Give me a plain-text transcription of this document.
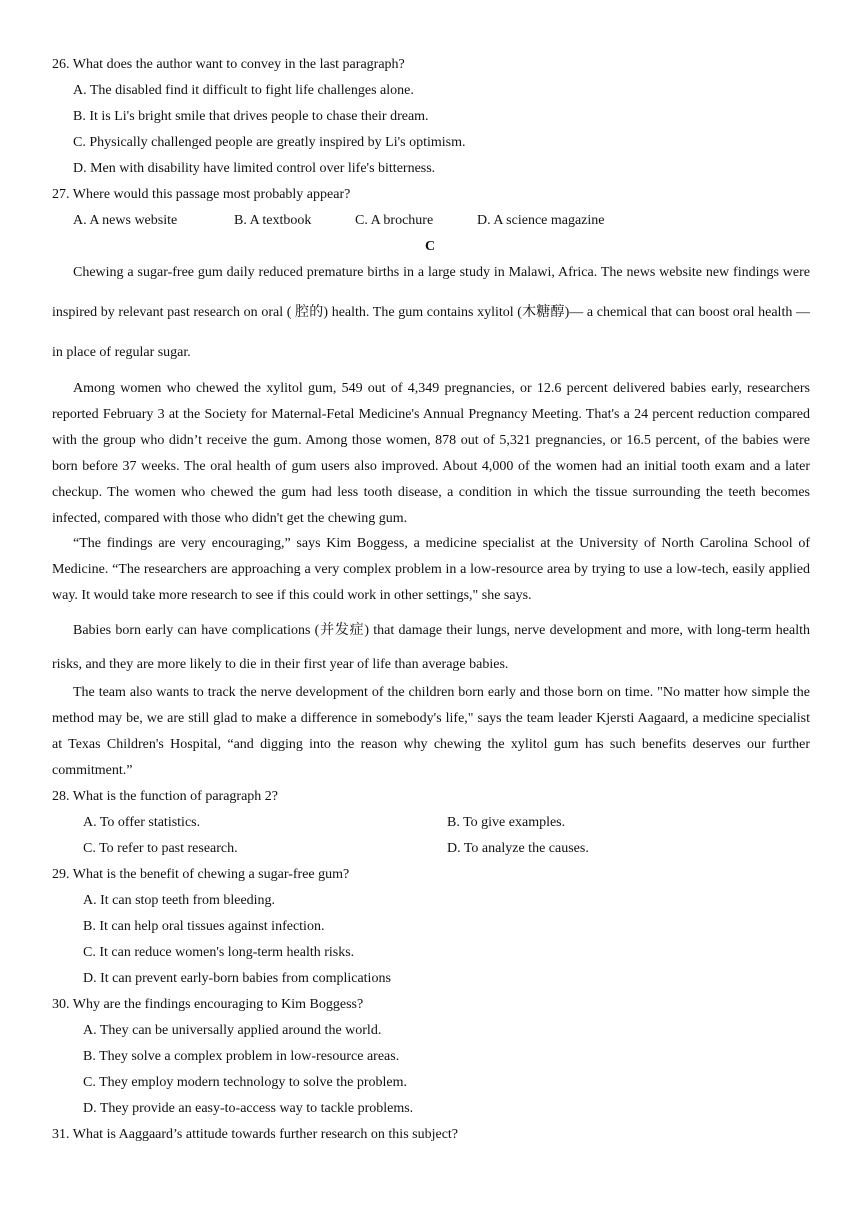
26. What does the author want to convey in the last paragraph?
A. The disabled find it difficult to fight life challenges alone.
B. It is Li's bright smile that drives people to chase their dream.
C. Physically challenged people are greatly inspired by Li's optimism.
D. Men with disability have limited control over life's bitterness.
27. Where would this passage most probably appear?
A. A news website	B. A textbook	C. A brochure	D. A science magazine
C
Chewing a sugar-free gum daily reduced premature births in a large study in Malawi, Africa. The news website new findings were inspired by relevant past research on oral ( 腔的) health. The gum contains xylitol (木糖醇)— a chemical that can boost oral health — in place of regular sugar.
Among women who chewed the xylitol gum, 549 out of 4,349 pregnancies, or 12.6 percent delivered babies early, researchers reported February 3 at the Society for Maternal-Fetal Medicine's Annual Pregnancy Meeting. That's a 24 percent reduction compared with the group who didn’t receive the gum. Among those women, 878 out of 5,321 pregnancies, or 16.5 percent, of the babies were born before 37 weeks. The oral health of gum users also improved. About 4,000 of the women had an initial tooth exam and a later checkup. The women who chewed the gum had less tooth disease, a condition in which the tissue surrounding the teeth becomes infected, compared with those who didn't get the chewing gum.
“The findings are very encouraging,” says Kim Boggess, a medicine specialist at the University of North Carolina School of Medicine. “The researchers are approaching a very complex problem in a low-resource area by trying to use a low-tech, easily applied way. It would take more research to see if this could work in other settings," she says.
Babies born early can have complications (并发症) that damage their lungs, nerve development and more, with long-term health risks, and they are more likely to die in their first year of life than average babies.
The team also wants to track the nerve development of the children born early and those born on time. "No matter how simple the method may be, we are still glad to make a difference in somebody's life," says the team leader Kjersti Aagaard, a medicine specialist at Texas Children's Hospital, “and digging into the reason why chewing the xylitol gum has such benefits deserves our further commitment.”
28. What is the function of paragraph 2?
A. To offer statistics.	B. To give examples.
C. To refer to past research.	D. To analyze the causes.
29. What is the benefit of chewing a sugar-free gum?
A. It can stop teeth from bleeding.
B. It can help oral tissues against infection.
C. It can reduce women's long-term health risks.
D. It can prevent early-born babies from complications
30. Why are the findings encouraging to Kim Boggess?
A. They can be universally applied around the world.
B. They solve a complex problem in low-resource areas.
C. They employ modern technology to solve the problem.
D. They provide an easy-to-access way to tackle problems.
31. What is Aaggaard’s attitude towards further research on this subject?
